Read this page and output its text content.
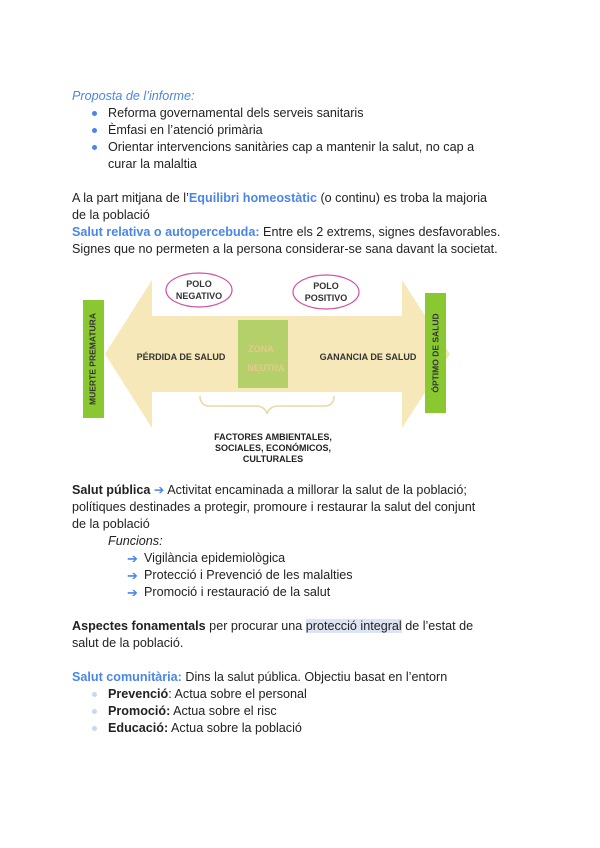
Proposta de l’informe:
Reforma governamental dels serveis sanitaris
Èmfasi en l’atenció primària
Orientar intervencions sanitàries cap a mantenir la salut, no cap a
curar la malaltia
A la part mitjana de l’Equilibri homeostàtic (o continu) es troba la majoria
de la població
Salut relativa o autopercebuda: Entre els 2 extrems, signes desfavorables.
Signes que no permeten a la persona considerar-se sana davant la societat.
POLO
NEGATIVO
POLO
POSITIVO
ZONA
NEUTRA
PÉRDIDA DE SALUD	GANANCIA DE SALUD
MUERTE PREMATURA	ÓPTIMO DE SALUD
FACTORES AMBIENTALES,
SOCIALES, ECONÓMICOS,
CULTURALES
Salut pública ➔ Activitat encaminada a millorar la salut de la població;
polítiques destinades a protegir, promoure i restaurar la salut del conjunt
de la població
Funcions:
➔ Vigilància epidemiològica
➔ Protecció i Prevenció de les malalties
➔ Promoció i restauració de la salut
Aspectes fonamentals per procurar una protecció integral de l’estat de
salut de la població.
Salut comunitària: Dins la salut pública. Objectiu basat en l’entorn
Prevenció: Actua sobre el personal
Promoció: Actua sobre el risc
Educació: Actua sobre la població
